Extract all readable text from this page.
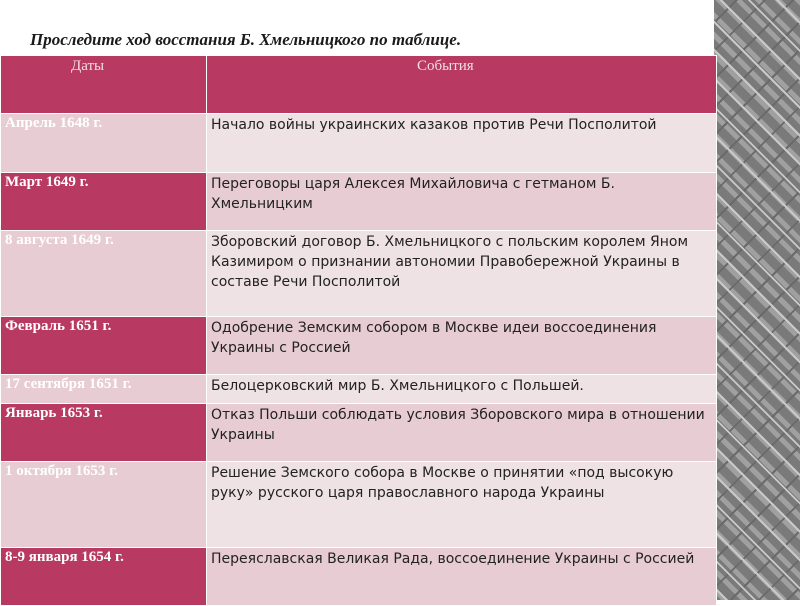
Проследите ход восстания Б. Хмельницкого по таблице.
Даты	События
Апрель 1648 г.	Начало войны украинских казаков против Речи Посполитой
Март 1649 г.	Переговоры царя Алексея Михайловича с гетманом Б. Хмельницким
8 августа 1649 г.	Зборовский договор Б. Хмельницкого с польским королем Яном Казимиром о признании автономии Правобережной Украины в составе Речи Посполитой
Февраль 1651 г.	Одобрение Земским собором в Москве идеи воссоединения Украины с Россией
17 сентября 1651 г.	Белоцерковский мир Б. Хмельницкого с Польшей.
Январь 1653 г.	Отказ Польши соблюдать условия Зборовского мира в отношении Украины
1 октября 1653 г.	Решение Земского собора в Москве о принятии «под высокую руку» русского царя православного народа Украины
8-9 января 1654 г.	Переяславская Великая Рада, воссоединение Украины с Россией
